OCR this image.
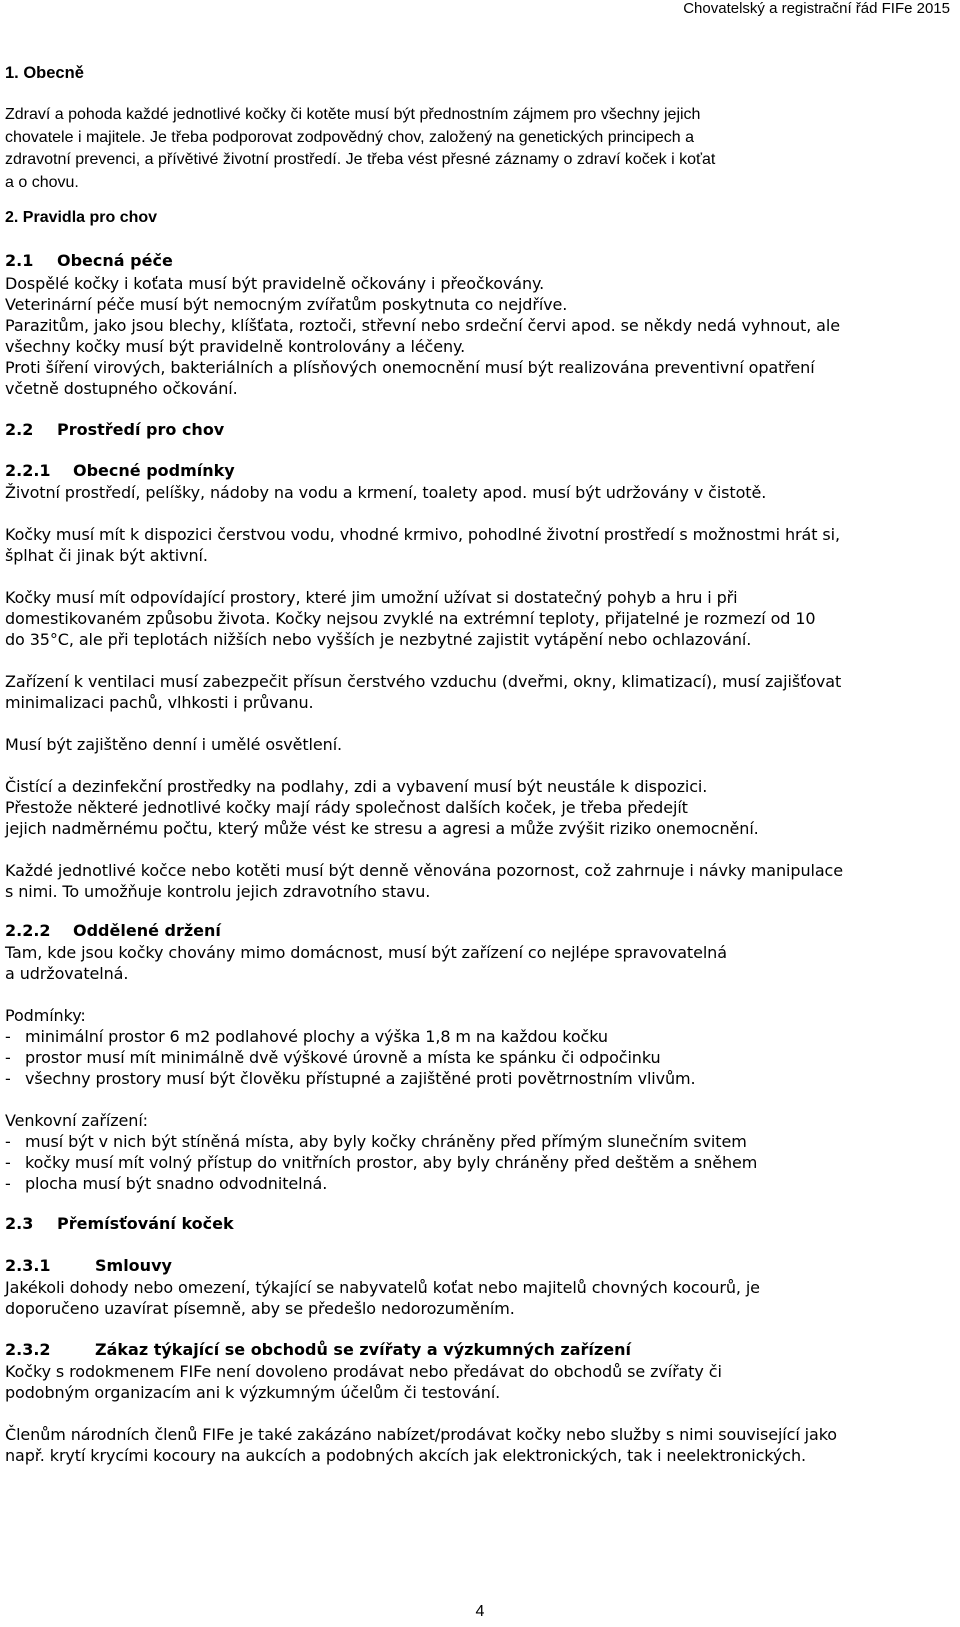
Chovatelský a registrační řád FIFe 2015
1. Obecně
Zdraví a pohoda každé jednotlivé kočky či kotěte musí být přednostním zájmem pro všechny jejich
chovatele i majitele. Je třeba podporovat zodpovědný chov, založený na genetických principech a
zdravotní prevenci, a přívětivé životní prostředí. Je třeba vést přesné záznamy o zdraví koček i koťat
a o chovu.
2. Pravidla pro chov
2.1 Obecná péče
Dospělé kočky i koťata musí být pravidelně očkovány i přeočkovány.
Veterinární péče musí být nemocným zvířatům poskytnuta co nejdříve.
Parazitům, jako jsou blechy, klíšťata, roztoči, střevní nebo srdeční červi apod. se někdy nedá vyhnout, ale
všechny kočky musí být pravidelně kontrolovány a léčeny.
Proti šíření virových, bakteriálních a plísňových onemocnění musí být realizována preventivní opatření
včetně dostupného očkování.
2.2 Prostředí pro chov
2.2.1 Obecné podmínky
Životní prostředí, pelíšky, nádoby na vodu a krmení, toalety apod. musí být udržovány v čistotě.
Kočky musí mít k dispozici čerstvou vodu, vhodné krmivo, pohodlné životní prostředí s možnostmi hrát si,
šplhat či jinak být aktivní.
Kočky musí mít odpovídající prostory, které jim umožní užívat si dostatečný pohyb a hru i při
domestikovaném způsobu života. Kočky nejsou zvyklé na extrémní teploty, přijatelné je rozmezí od 10
do 35°C, ale při teplotách nižších nebo vyšších je nezbytné zajistit vytápění nebo ochlazování.
Zařízení k ventilaci musí zabezpečit přísun čerstvého vzduchu (dveřmi, okny, klimatizací), musí zajišťovat
minimalizaci pachů, vlhkosti i průvanu.
Musí být zajištěno denní i umělé osvětlení.
Čistící a dezinfekční prostředky na podlahy, zdi a vybavení musí být neustále k dispozici.
Přestože některé jednotlivé kočky mají rády společnost dalších koček, je třeba předejít
jejich nadměrnému počtu, který může vést ke stresu a agresi a může zvýšit riziko onemocnění.
Každé jednotlivé kočce nebo kotěti musí být denně věnována pozornost, což zahrnuje i návky manipulace
s nimi. To umožňuje kontrolu jejich zdravotního stavu.
2.2.2 Oddělené držení
Tam, kde jsou kočky chovány mimo domácnost, musí být zařízení co nejlépe spravovatelná
a udržovatelná.
Podmínky:
- minimální prostor 6 m2 podlahové plochy a výška 1,8 m na každou kočku
- prostor musí mít minimálně dvě výškové úrovně a místa ke spánku či odpočinku
- všechny prostory musí být člověku přístupné a zajištěné proti povětrnostním vlivům.
Venkovní zařízení:
- musí být v nich být stíněná místa, aby byly kočky chráněny před přímým slunečním svitem
- kočky musí mít volný přístup do vnitřních prostor, aby byly chráněny před deštěm a sněhem
- plocha musí být snadno odvodnitelná.
2.3 Přemísťování koček
2.3.1	Smlouvy
Jakékoli dohody nebo omezení, týkající se nabyvatelů koťat nebo majitelů chovných kocourů, je
doporučeno uzavírat písemně, aby se předešlo nedorozuměním.
2.3.2	Zákaz týkající se obchodů se zvířaty a výzkumných zařízení
Kočky s rodokmenem FIFe není dovoleno prodávat nebo předávat do obchodů se zvířaty či
podobným organizacím ani k výzkumným účelům či testování.
Členům národních členů FIFe je také zakázáno nabízet/prodávat kočky nebo služby s nimi související jako
např. krytí krycími kocoury na aukcích a podobných akcích jak elektronických, tak i neelektronických.
4
